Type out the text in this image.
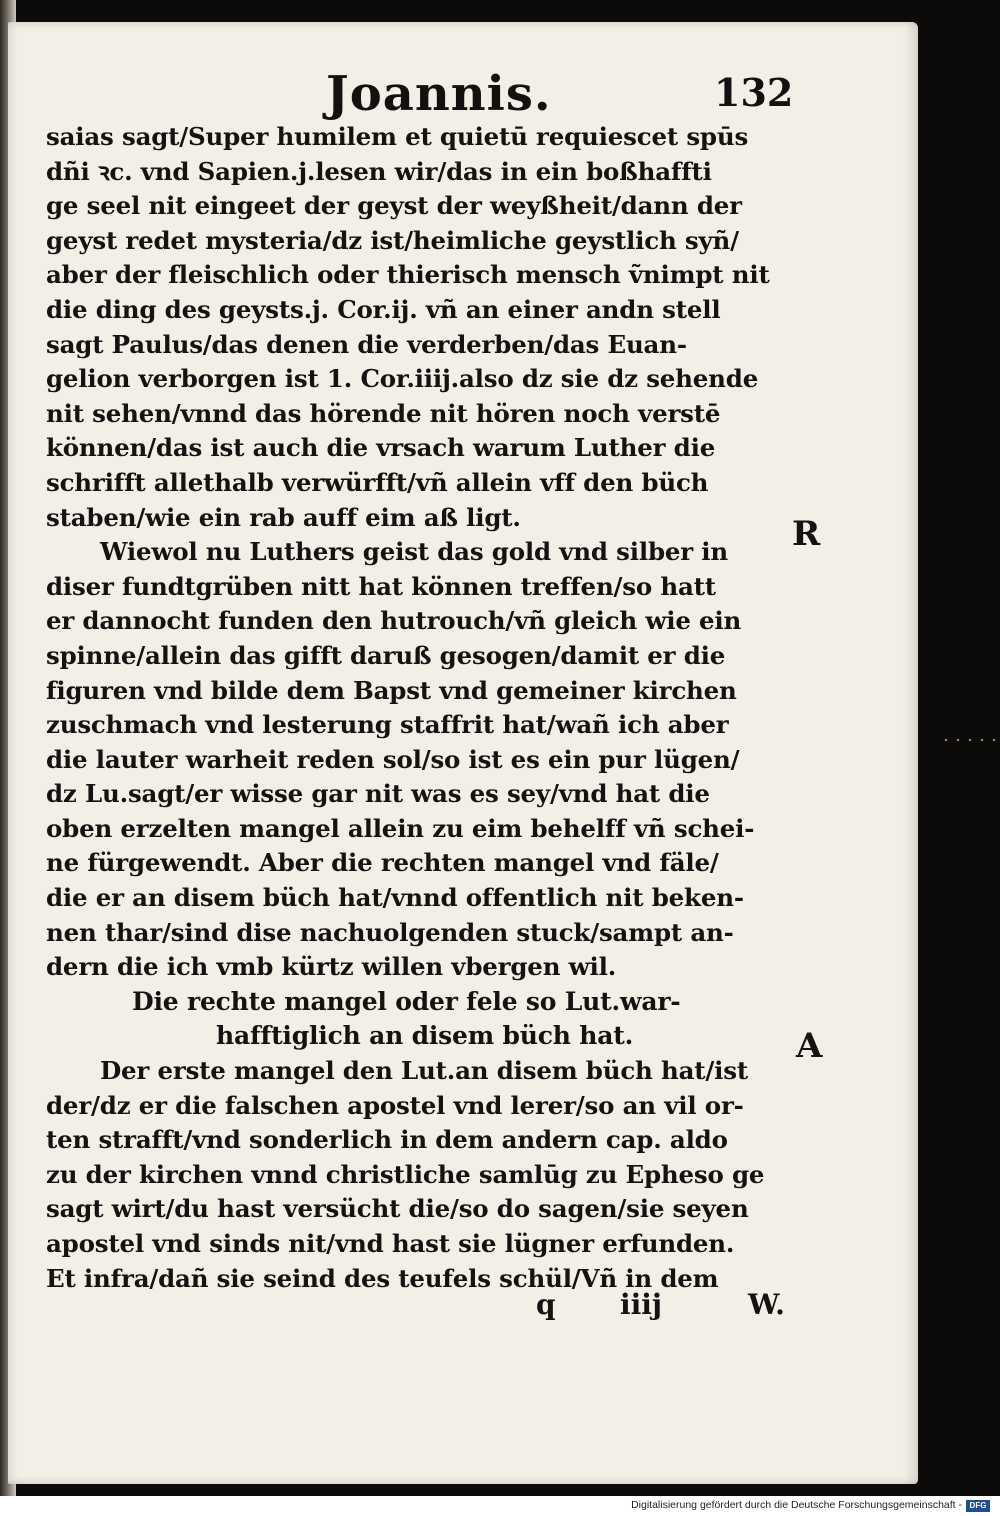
Joannis.	132
saias sagt/Super humilem et quietū requiescet spūs
dñi ꝛc. vnd Sapien.j.lesen wir/das in ein boßhaffti
ge seel nit eingeet der geyst der weyßheit/dann der
geyst redet mysteria/dz ist/heimliche geystlich syñ/
aber der fleischlich oder thierisch mensch ṽnimpt nit
die ding des geysts.j. Cor.ij. vñ an einer andn stell
sagt Paulus/das denen die verderben/das Euan-
gelion verborgen ist 1. Cor.iiij.also dz sie dz sehende
nit sehen/vnnd das hörende nit hören noch verstē
können/das ist auch die vrsach warum Luther die
schrifft allethalb verwürfft/vñ allein vff den büch
staben/wie ein rab auff eim aß ligt.
Wiewol nu Luthers geist das gold vnd silber in
diser fundtgrüben nitt hat können treffen/so hatt
er dannocht funden den hutrouch/vñ gleich wie ein
spinne/allein das gifft daruß gesogen/damit er die
figuren vnd bilde dem Bapst vnd gemeiner kirchen
zuschmach vnd lesterung staffrit hat/wañ ich aber
die lauter warheit reden sol/so ist es ein pur lügen/
dz Lu.sagt/er wisse gar nit was es sey/vnd hat die
oben erzelten mangel allein zu eim behelff vñ schei-
ne fürgewendt. Aber die rechten mangel vnd fäle/
die er an disem büch hat/vnnd offentlich nit beken-
nen thar/sind dise nachuolgenden stuck/sampt an-
dern die ich vmb kürtz willen vbergen wil.
Die rechte mangel oder fele so Lut.war-
hafftiglich an disem büch hat.
Der erste mangel den Lut.an disem büch hat/ist
der/dz er die falschen apostel vnd lerer/so an vil or-
ten strafft/vnd sonderlich in dem andern cap. aldo
zu der kirchen vnnd christliche samlūg zu Epheso ge
sagt wirt/du hast versücht die/so do sagen/sie seyen
apostel vnd sinds nit/vnd hast sie lügner erfunden.
Et infra/dañ sie seind des teufels schül/Vñ in dem
R
A
q iiij	W.
Digitalisierung gefördert durch die Deutsche Forschungsgemeinschaft - DFG
